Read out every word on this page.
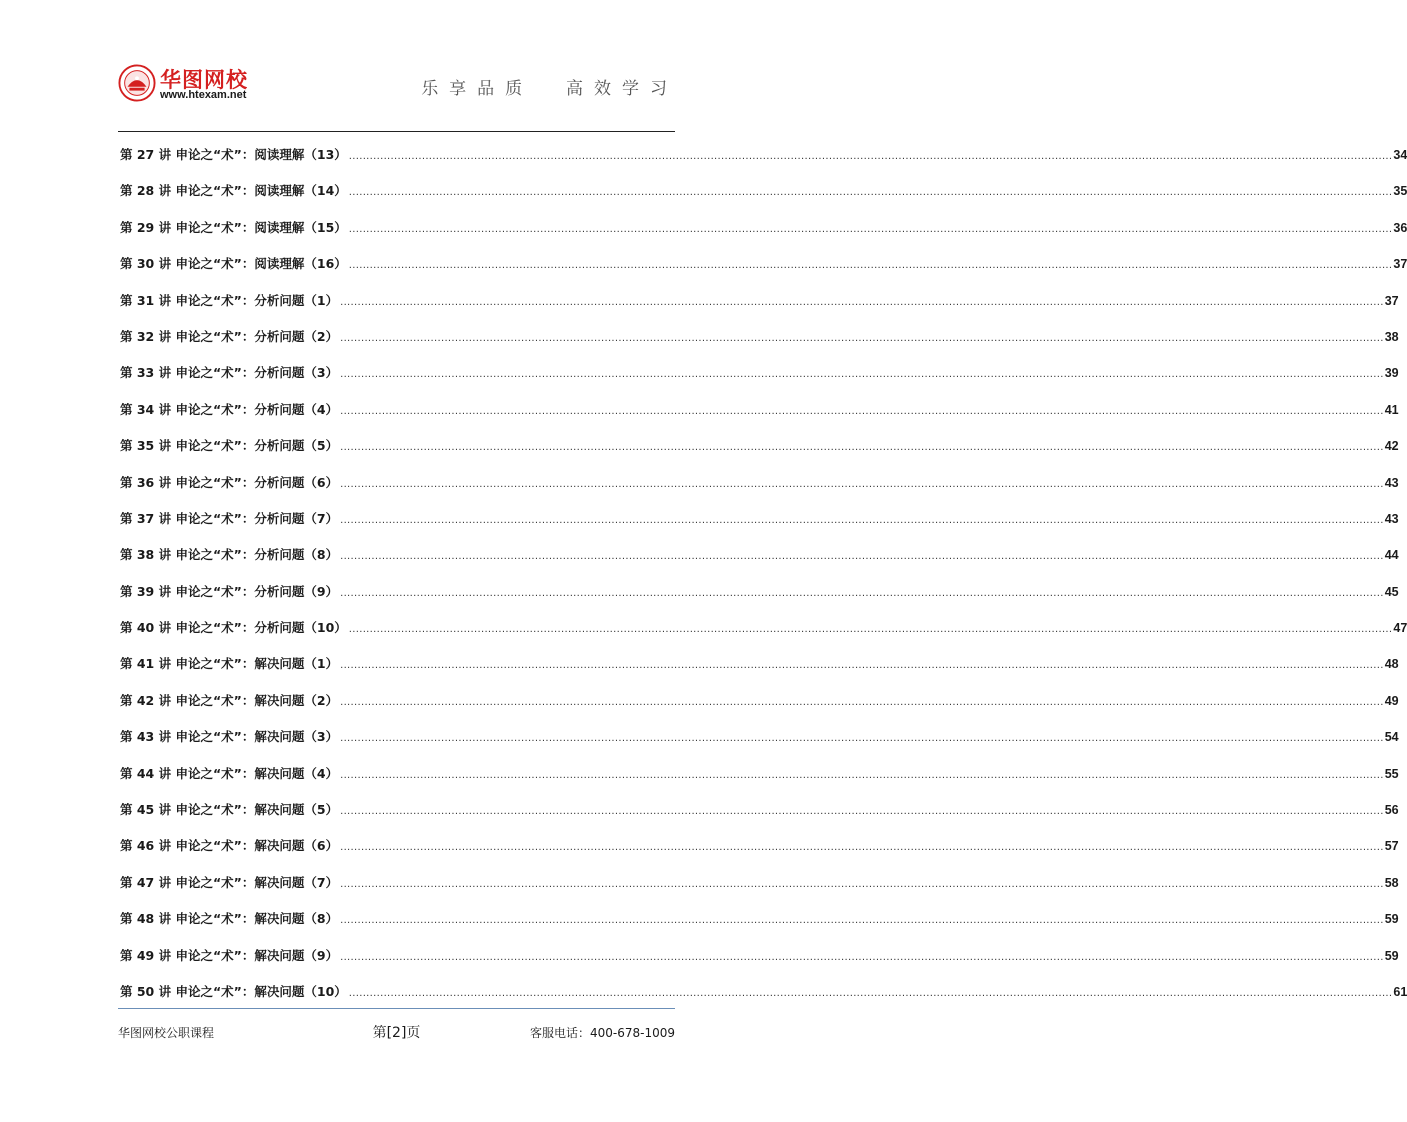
华图网校
www.htexam.net	乐享品质  高效学习
第 27 讲 申论之“术”：阅读理解（13） ............................................................................................................................................................................................................................................................................................................ 34
第 28 讲 申论之“术”：阅读理解（14） ............................................................................................................................................................................................................................................................................................................ 35
第 29 讲 申论之“术”：阅读理解（15） ............................................................................................................................................................................................................................................................................................................ 36
第 30 讲 申论之“术”：阅读理解（16） ............................................................................................................................................................................................................................................................................................................ 37
第 31 讲 申论之“术”：分析问题（1） ............................................................................................................................................................................................................................................................................................................ 37
第 32 讲 申论之“术”：分析问题（2） ............................................................................................................................................................................................................................................................................................................ 38
第 33 讲 申论之“术”：分析问题（3） ............................................................................................................................................................................................................................................................................................................ 39
第 34 讲 申论之“术”：分析问题（4） ............................................................................................................................................................................................................................................................................................................ 41
第 35 讲 申论之“术”：分析问题（5） ............................................................................................................................................................................................................................................................................................................ 42
第 36 讲 申论之“术”：分析问题（6） ............................................................................................................................................................................................................................................................................................................ 43
第 37 讲 申论之“术”：分析问题（7） ............................................................................................................................................................................................................................................................................................................ 43
第 38 讲 申论之“术”：分析问题（8） ............................................................................................................................................................................................................................................................................................................ 44
第 39 讲 申论之“术”：分析问题（9） ............................................................................................................................................................................................................................................................................................................ 45
第 40 讲 申论之“术”：分析问题（10） ............................................................................................................................................................................................................................................................................................................ 47
第 41 讲 申论之“术”：解决问题（1） ............................................................................................................................................................................................................................................................................................................ 48
第 42 讲 申论之“术”：解决问题（2） ............................................................................................................................................................................................................................................................................................................ 49
第 43 讲 申论之“术”：解决问题（3） ............................................................................................................................................................................................................................................................................................................ 54
第 44 讲 申论之“术”：解决问题（4） ............................................................................................................................................................................................................................................................................................................ 55
第 45 讲 申论之“术”：解决问题（5） ............................................................................................................................................................................................................................................................................................................ 56
第 46 讲 申论之“术”：解决问题（6） ............................................................................................................................................................................................................................................................................................................ 57
第 47 讲 申论之“术”：解决问题（7） ............................................................................................................................................................................................................................................................................................................ 58
第 48 讲 申论之“术”：解决问题（8） ............................................................................................................................................................................................................................................................................................................ 59
第 49 讲 申论之“术”：解决问题（9） ............................................................................................................................................................................................................................................................................................................ 59
第 50 讲 申论之“术”：解决问题（10） ............................................................................................................................................................................................................................................................................................................ 61
华图网校公职课程	第[2]页	客服电话：400-678-1009
